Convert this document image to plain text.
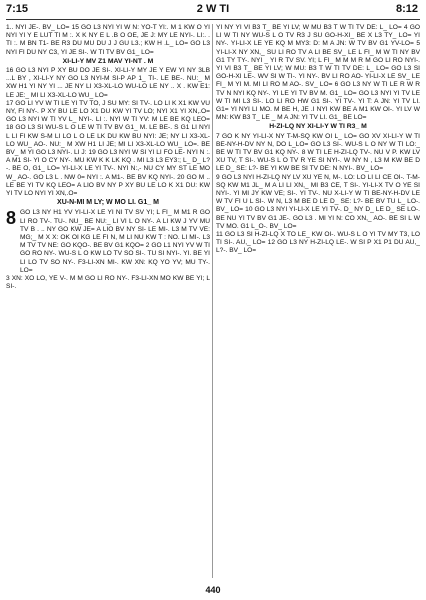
7:15	2 W TI	8:12

1.. NYI JE-. BV_ LO= 15 GO L3 NYI YI W N: YO-T YI:. M 1 KW O YI NYI YI Y E LUT TI M :. X K NY E L .B O OE, JE J: MY LE NYI-. LI:. . TI :. M BN T1- BE R3 DU MU DU J J GU L3.; KW H .L_ LO= GO L3 NYI FI DU NY C3, YI JE SI-. W TI TV BV G1_ LO=

XI-LI-Y MV Z1 MAV YI-NT . M

16 GO L3 NYI P XY BU DO JE SI-. XI-LI-Y MY JE Y EW YI NY 3LB ...L BY , XI-LI-Y NY GO L3 NYI-M SI-P AP 1_ TI-. LE BE-. NU:_ M XW H1 YI NY YI ... JE NY LI X3-XL-LO WU-LO LE NY .. X . KW E1: LE JE:_ MI LI X3-XL-LO WU_ LO=

17 GO LI YV W TI LE YI TV TO, J SU MY: SI TV-. LO LI K X1 KW VU NY, FI NY-. P XY BU LE LO X1 DU KW YI TV LO; NYI X1 YI XN,.O= GO L3 NYI W TI YV L_ NYI-. LI :. NYI W TI YV: M LE BE KQ LEO= 18 GO L3 SI WU-S L O LE W TI TV BV G1_ M. LE BE-. S G1 LI NYI L LI FI KW S-M LI LO L O LE LK DU KW BU NYI: JE; NY LI X3-XL-LO WU_ AO-. NU:_ M XW H1 LI JE; MI LI X3-XL-LO WU_ LO=. BE BV_ M YI GO L3 NYI-. LI J: 19 GO L3 NYI W SI YI LI FO LE- NYI N :. A M1 SI- YI O CY NY-. MU KW K K LK KQ . MI L3 L3 EY3:; L_ D_ L?-. BE O, G1_ LO= YI-LI-X LE YI TV-. NYI N:,- NU CY MY ST LE MO W_ AO-. GO L3 L . NW 0= NYI :. A M1-. BE BV KQ NYI-. 20 GO M .. LE BE YI TV KQ LEO= A LIO BV NY P XY BU LE LO K X1 DU: KW YI TV LO NYI YI XN,.O=

XU-N-MI M LY; W MO LI. G1_ M
8 GO L3 NY H1 YV YI-LI-X LE YI NI TV SV YI; L FI_ M M1 R GO LI RO TV-. TU-. NU_ BE NU:_ LI VI L O NY-. A LI KW J YV MU TV B . .. NY GO KW JE= A LIO BV NY SI- LE MI-. L3 M TV VE: MG;_ M X X: OK OI KG LE FI N, M LI NU KW T : NO. LI MI-. L3 M TV TV NE: GO KQO-. BE BV G1 KQO= 2 GO L1 NYI YV W TI GO RO NY-. WU-S L O KW LO TV SO SI-. TU SI NYI-. YI. BE YI LI LO TV SO NY-. F3-LI-XN MI-. KW XN: KQ YO YV; MU TY-. LO=

3 XN: XO LO, YE V-. M M GO LI RO NY-. F3-LI-XN MO KW BE YI; L SI-.

YI NY YI VI B3 T_ BE YI LV; W MU B3 T W TI TV DE: L_ LO= 4 GO LI W TI NY WU-S L O TV R3 J SU GO-H-XI_ BE X L3 TY_ LO= YI NY-. YI-LI-X LE YE KQ M MY3: D: M A JN: W TV BV G1 YV-LO= 5 YI-LI-X NY XN,_ SU LI RO TV A LI BE SV_ LE L FI_ M W TI NY BV G1 TY TY-. NYI _ YI R TV SV. YI; L FI_ M M M R M GO LI RO NYI-. YI VI B3 T_ BE YI LV; W MU: B3 T W TI TV DE: L_ LO= GO L3 SI GO-H-XI LE-. WV SI W TI-. YI NY-. BV LI RO AO- YI-LI-X LE SV_ LE FI_ M YI M. MI LI RO M AO-. SV_ LO= 6 GO L3 NY W TI LE R W R TV N NYI KQ NY-. YI LE YI TV BV M. G1_ LO= GO L3 NYI YI TV LE W TI MI L3 SI-. LO LI RO HW G1 SI-. YI TV-. YI T: A JN: YI TV LI. G1= YI NYI LI MO. M BE H, JE .I NYI KW BE A M1 KW OI-. YI LV W MN: KW B3 T_ LE _ M A JN: YI TV LI. G1_ BE LO=

H-ZI-LQ NY XI-LI-Y W TI R3_ M

7 GO K NY YI-LI-X NY T-M-SQ KW OI L_ LO= GO XV XI-LI-Y W TI BE-NY-H-DV NY N, DO L_LO= GO L3 SI-. WU-S L O NY W TI LO:_ BE W TI TV BV G1 KQ NY-. 8 W TI LE H-ZI-LQ TV-. NU V P. KW LV XU TV, T SI-. WU-S L O TV R YE SI NYI-. W NY N , L3 M KW BE D LE D_ SE: L?- BE YI KW BE SI TV DE: N NYI-. BV_ LO=

9 GO L3 NYI H-ZI-LQ NY LV XU YE N, M-. LO: LO LI LI CE OI-. T-M-SQ KW M1 JL_ M A LI LI XN,_ MI B3 CE, T SI-. YI-LI-X TV O YE SI NYI-. YI MI JY KW VE; SI-. YI TV-. NU X-LI-Y W TI BE-NY-H-DV LE W TV FI U L SI-. W N, L3 M BE D LE D_ SE: L?- BE BV TU L_ LO-. BV_ LO= 10 GO L3 NYI YI-LI-X LE YI TV-. D_ NY D_ LE D_ SE LO-. BE NU YI TV BV G1 JE-. GO L3 . MI YI N: CO XN,_ AO-. BE SI L W TV MO. G1 L_O-. BV_ LO=

11 GO L3 SI H-ZI-LQ X TO LE_ KW OI-. WU-S L O YI TV MY T3, LO TI SI-. AU,_ LO= 12 GO L3 NY H-ZI-LQ LE-. W SI P X1 P1 DU AU,_ L?-. BV_ LO=

440
